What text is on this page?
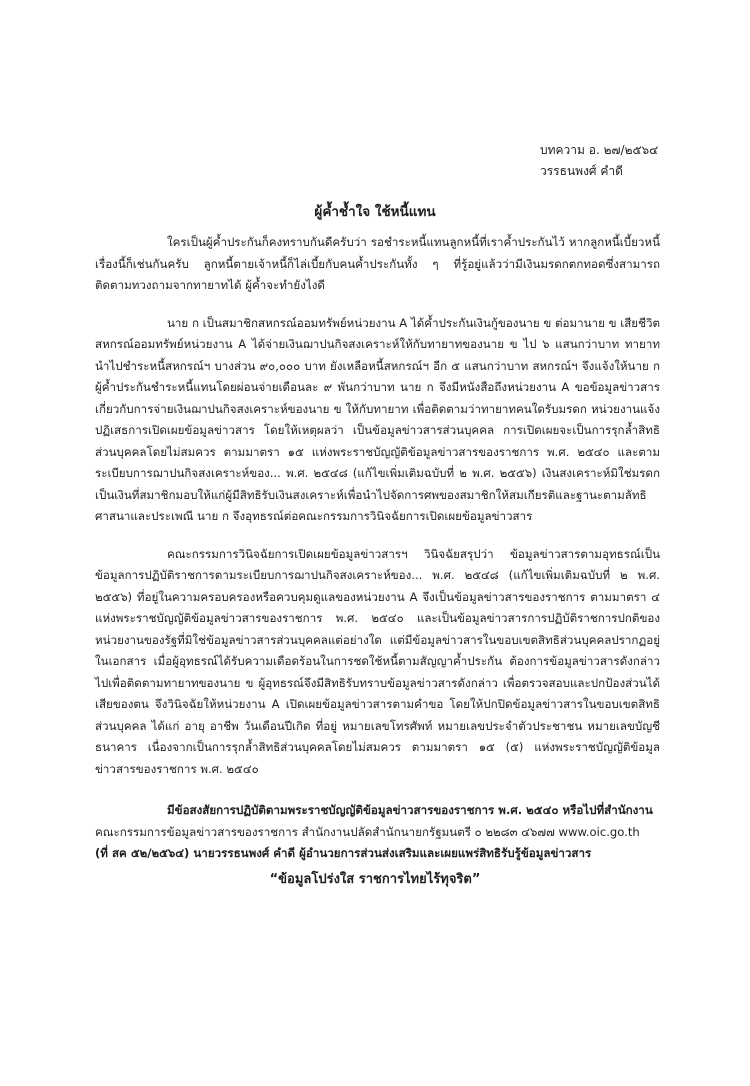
บทความ อ. ๒๗/๒๕๖๔
วรรธนพงศ์ คำดี
ผู้ค้ำช้ำใจ ใช้หนี้แทน

ใครเป็นผู้ค้ำประกันก็คงทราบกันดีครับว่า รอชำระหนี้แทนลูกหนี้ที่เราค้ำประกันไว้ หากลูกหนี้เบี้ยวหนี้ เรื่องนี้ก็เช่นกันครับ ลูกหนี้ตายเจ้าหนี้ก็ไล่เบี้ยกับคนค้ำประกันทั้ง ๆ ที่รู้อยู่แล้วว่ามีเงินมรดกตกทอดซึ่งสามารถติดตามทวงถามจากทายาทได้ ผู้ค้ำจะทำยังไงดี

นาย ก เป็นสมาชิกสหกรณ์ออมทรัพย์หน่วยงาน A ได้ค้ำประกันเงินกู้ของนาย ข ต่อมานาย ข เสียชีวิต สหกรณ์ออมทรัพย์หน่วยงาน A ได้จ่ายเงินฌาปนกิจสงเคราะห์ให้กับทายาทของนาย ข ไป ๖ แสนกว่าบาท ทายาทนำไปชำระหนี้สหกรณ์ฯ บางส่วน ๙๐,๐๐๐ บาท ยังเหลือหนี้สหกรณ์ฯ อีก ๕ แสนกว่าบาท สหกรณ์ฯ จึงแจ้งให้นาย ก ผู้ค้ำประกันชำระหนี้แทนโดยผ่อนจ่ายเดือนละ ๙ พันกว่าบาท นาย ก จึงมีหนังสือถึงหน่วยงาน A ขอข้อมูลข่าวสารเกี่ยวกับการจ่ายเงินฌาปนกิจสงเคราะห์ของนาย ข ให้กับทายาท เพื่อติดตามว่าทายาทคนใดรับมรดก หน่วยงานแจ้งปฏิเสธการเปิดเผยข้อมูลข่าวสาร โดยให้เหตุผลว่า เป็นข้อมูลข่าวสารส่วนบุคคล การเปิดเผยจะเป็นการรุกล้ำสิทธิส่วนบุคคลโดยไม่สมควร ตามมาตรา ๑๕ แห่งพระราชบัญญัติข้อมูลข่าวสารของราชการ พ.ศ. ๒๕๔๐ และตามระเบียบการฌาปนกิจสงเคราะห์ของ... พ.ศ. ๒๕๔๘ (แก้ไขเพิ่มเติมฉบับที่ ๒ พ.ศ. ๒๕๕๖) เงินสงเคราะห์มิใช่มรดก เป็นเงินที่สมาชิกมอบให้แก่ผู้มีสิทธิรับเงินสงเคราะห์เพื่อนำไปจัดการศพของสมาชิกให้สมเกียรติและฐานะตามลัทธิศาสนาและประเพณี นาย ก จึงอุทธรณ์ต่อคณะกรรมการวินิจฉัยการเปิดเผยข้อมูลข่าวสาร

คณะกรรมการวินิจฉัยการเปิดเผยข้อมูลข่าวสารฯ วินิจฉัยสรุปว่า ข้อมูลข่าวสารตามอุทธรณ์เป็นข้อมูลการปฏิบัติราชการตามระเบียบการฌาปนกิจสงเคราะห์ของ... พ.ศ. ๒๕๔๘ (แก้ไขเพิ่มเติมฉบับที่ ๒ พ.ศ. ๒๕๕๖) ที่อยู่ในความครอบครองหรือควบคุมดูแลของหน่วยงาน A จึงเป็นข้อมูลข่าวสารของราชการ ตามมาตรา ๔ แห่งพระราชบัญญัติข้อมูลข่าวสารของราชการ พ.ศ. ๒๕๔๐ และเป็นข้อมูลข่าวสารการปฏิบัติราชการปกติของหน่วยงานของรัฐที่มิใช่ข้อมูลข่าวสารส่วนบุคคลแต่อย่างใด แต่มีข้อมูลข่าวสารในขอบเขตสิทธิส่วนบุคคลปรากฏอยู่ในเอกสาร เมื่อผู้อุทธรณ์ได้รับความเดือดร้อนในการชดใช้หนี้ตามสัญญาค้ำประกัน ต้องการข้อมูลข่าวสารดังกล่าวไปเพื่อติดตามทายาทของนาย ข ผู้อุทธรณ์จึงมีสิทธิรับทราบข้อมูลข่าวสารดังกล่าว เพื่อตรวจสอบและปกป้องส่วนได้เสียของตน จึงวินิจฉัยให้หน่วยงาน A เปิดเผยข้อมูลข่าวสารตามคำขอ โดยให้ปกปิดข้อมูลข่าวสารในขอบเขตสิทธิส่วนบุคคล ได้แก่ อายุ อาชีพ วันเดือนปีเกิด ที่อยู่ หมายเลขโทรศัพท์ หมายเลขประจำตัวประชาชน หมายเลขบัญชีธนาคาร เนื่องจากเป็นการรุกล้ำสิทธิส่วนบุคคลโดยไม่สมควร ตามมาตรา ๑๕ (๕) แห่งพระราชบัญญัติข้อมูลข่าวสารของราชการ พ.ศ. ๒๕๔๐

มีข้อสงสัยการปฏิบัติตามพระราชบัญญัติข้อมูลข่าวสารของราชการ พ.ศ. ๒๕๔๐ หรือไปที่สำนักงาน
คณะกรรมการข้อมูลข่าวสารของราชการ สำนักงานปลัดสำนักนายกรัฐมนตรี ๐ ๒๒๘๓ ๔๖๗๗ www.oic.go.th
(ที่ สค ๕๒/๒๕๖๔) นายวรรธนพงศ์ คำดี ผู้อำนวยการส่วนส่งเสริมและเผยแพร่สิทธิรับรู้ข้อมูลข่าวสาร
“ข้อมูลโปร่งใส ราชการไทยไร้ทุจริต”
